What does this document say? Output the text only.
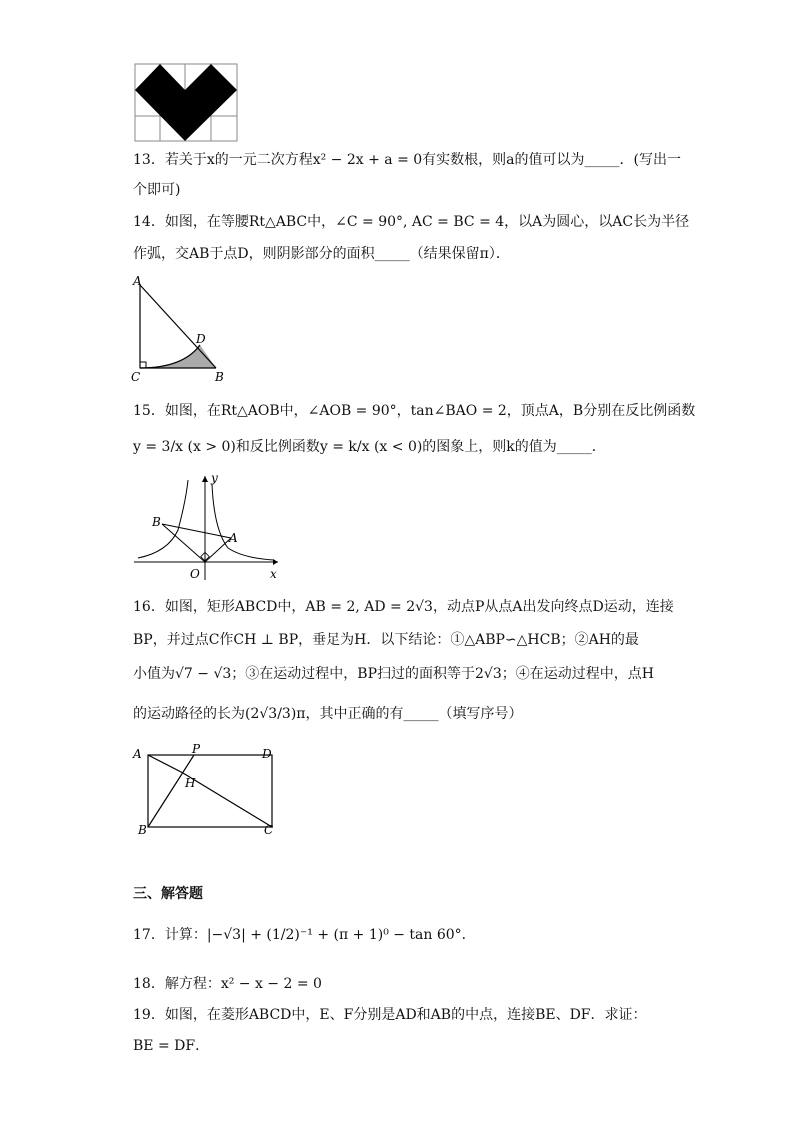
13．若关于x的一元二次方程x² − 2x + a = 0有实数根，则a的值可以为_____．(写出一
个即可)
14．如图，在等腰Rt△ABC中，∠C = 90°, AC = BC = 4，以A为圆心，以AC长为半径
作弧，交AB于点D，则阴影部分的面积_____（结果保留π）．
A
C	B
D
15．如图，在Rt△AOB中，∠AOB = 90°，tan∠BAO = 2，顶点A，B分别在反比例函数
y = 3/x (x > 0)和反比例函数y = k/x (x < 0)的图象上，则k的值为_____．
B
A
O	x
y
16．如图，矩形ABCD中，AB = 2, AD = 2√3，动点P从点A出发向终点D运动，连接
BP，并过点C作CH ⊥ BP，垂足为H．以下结论：①△ABP∽△HCB；②AH的最
小值为√7 − √3；③在运动过程中，BP扫过的面积等于2√3；④在运动过程中，点H
的运动路径的长为(2√3/3)π，其中正确的有_____（填写序号）
A	P	D
H
B	C
三、解答题
17．计算：|−√3| + (1/2)⁻¹ + (π + 1)⁰ − tan 60°．
18．解方程：x² − x − 2 = 0
19．如图，在菱形ABCD中，E、F分别是AD和AB的中点，连接BE、DF．求证：
BE = DF．
